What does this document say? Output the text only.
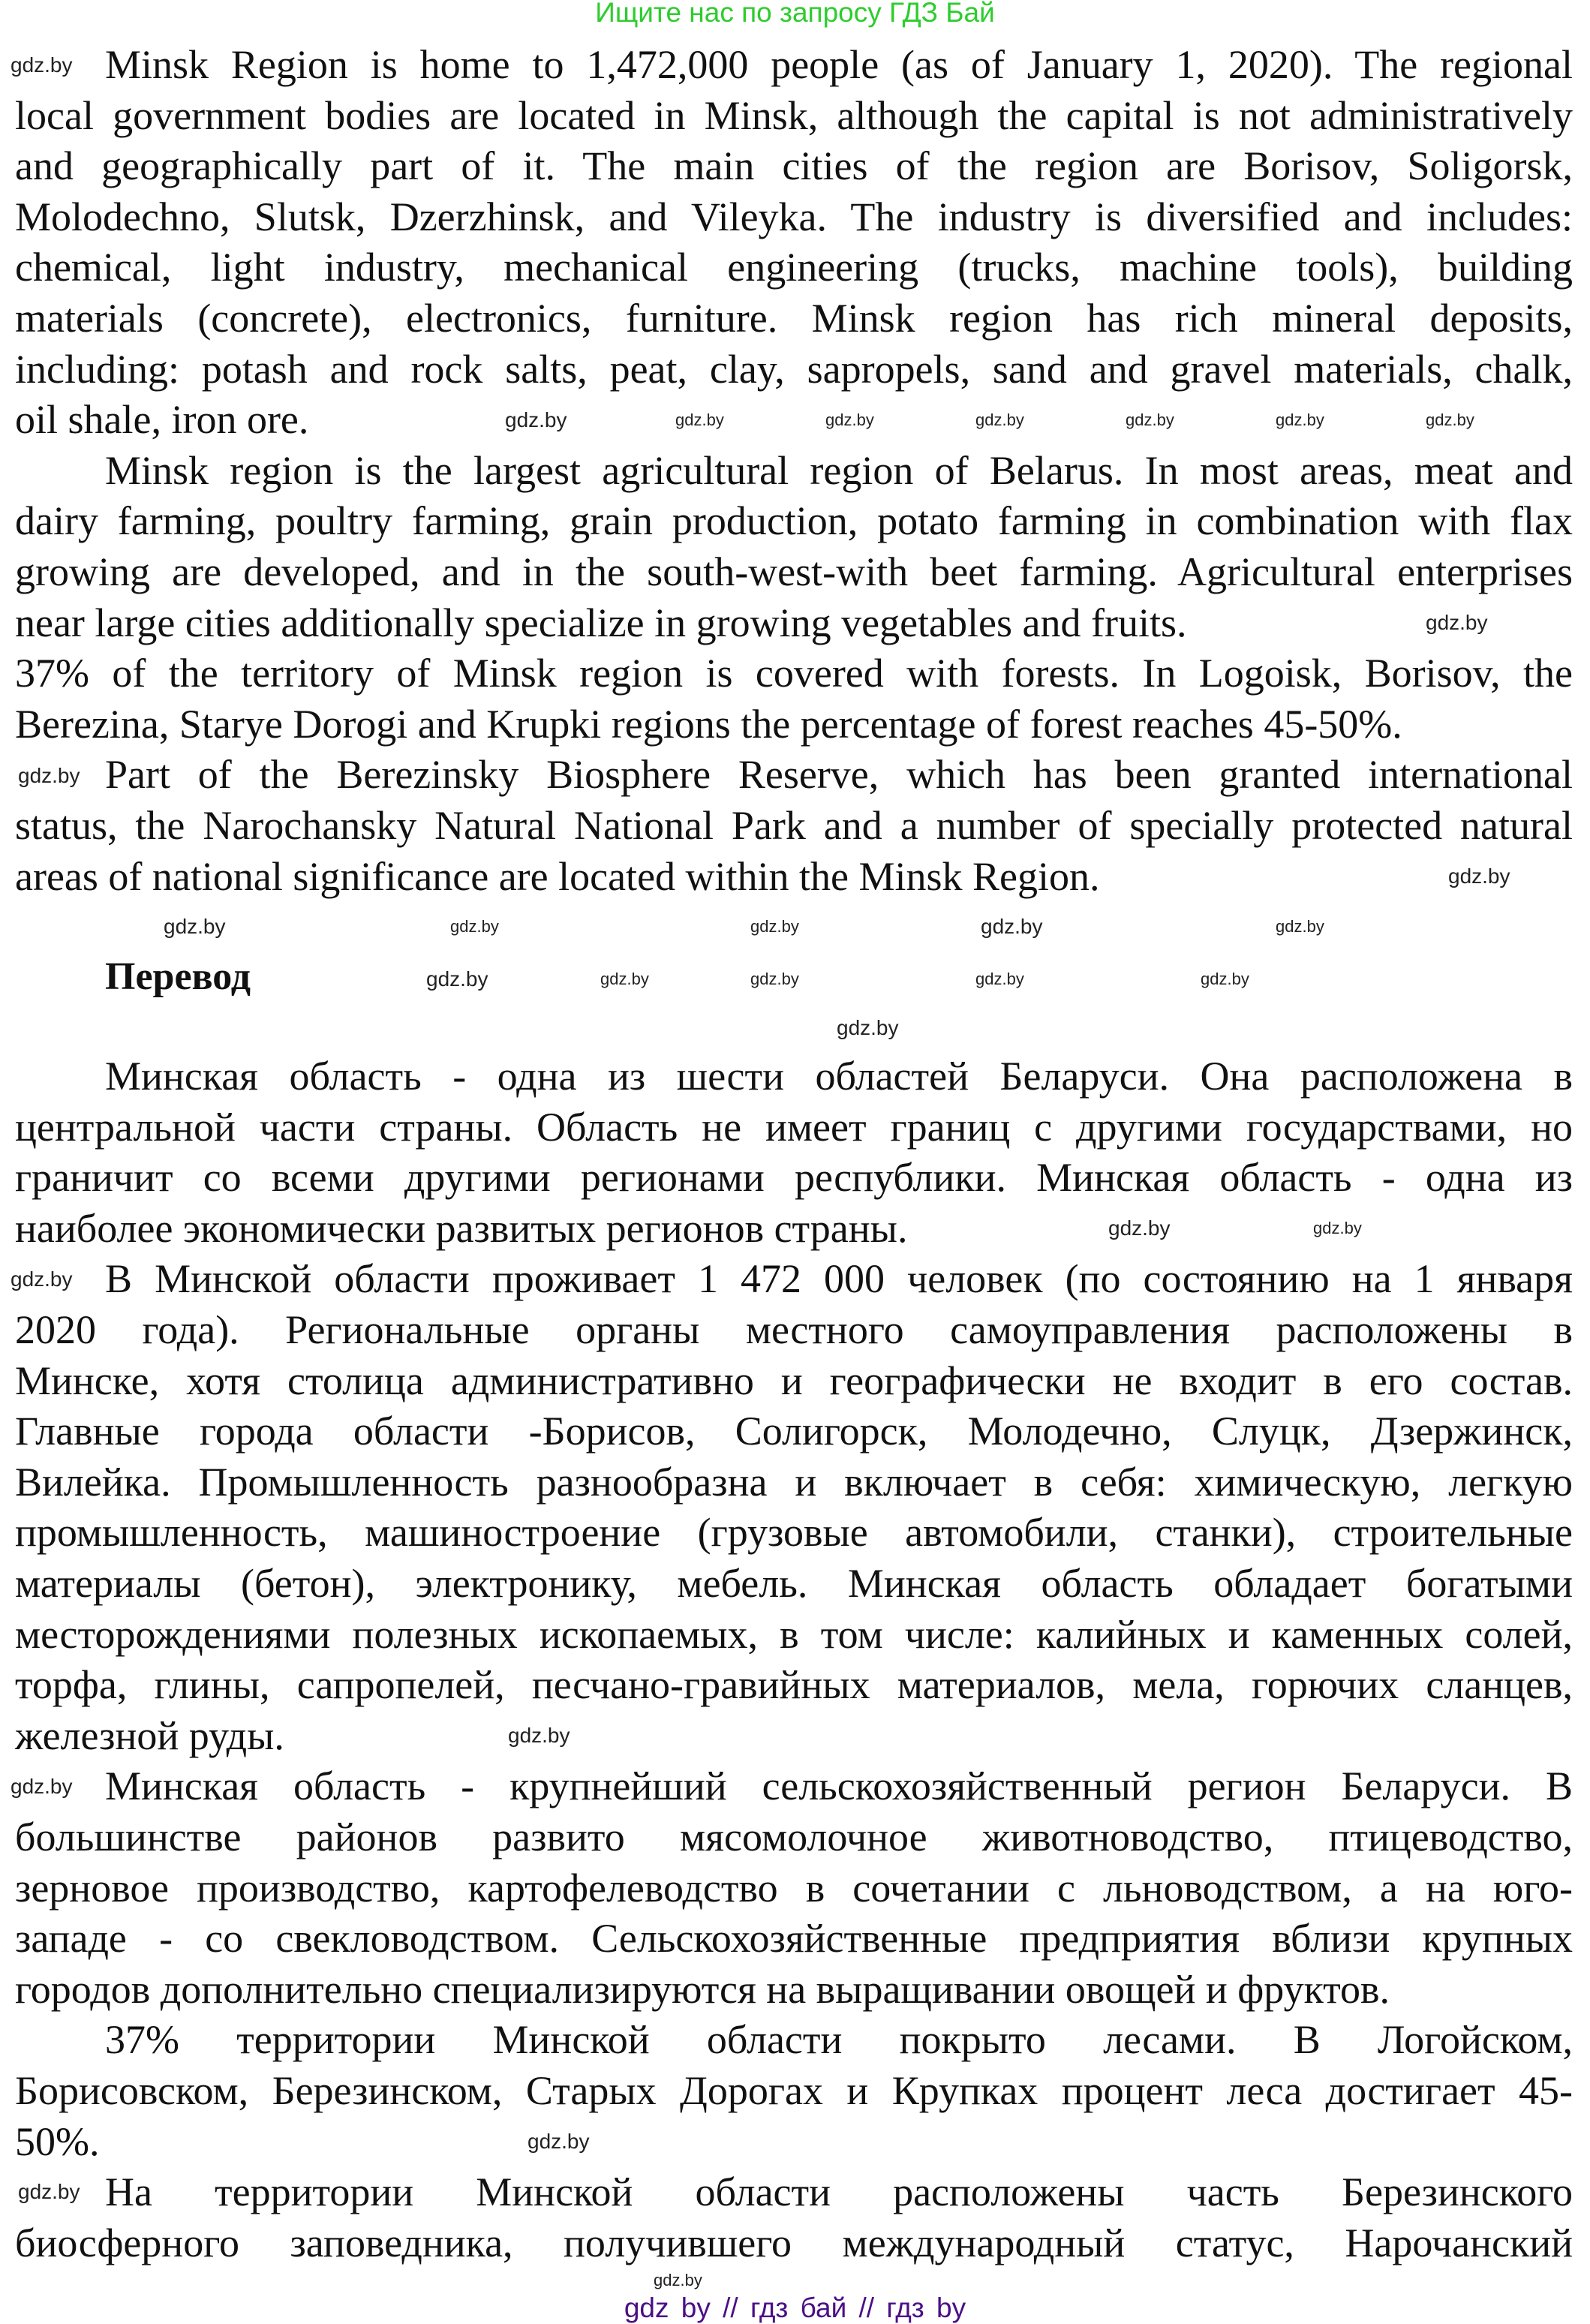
Ищите нас по запросу ГДЗ Бай
Minsk Region is home to 1,472,000 people (as of January 1, 2020). The regional
local government bodies are located in Minsk, although the capital is not administratively
and geographically part of it. The main cities of the region are Borisov, Soligorsk,
Molodechno, Slutsk, Dzerzhinsk, and Vileyka. The industry is diversified and includes:
chemical, light industry, mechanical engineering (trucks, machine tools), building
materials (concrete), electronics, furniture. Minsk region has rich mineral deposits,
including: potash and rock salts, peat, clay, sapropels, sand and gravel materials, chalk,
oil shale, iron ore.
Minsk region is the largest agricultural region of Belarus. In most areas, meat and
dairy farming, poultry farming, grain production, potato farming in combination with flax
growing are developed, and in the south-west-with beet farming. Agricultural enterprises
near large cities additionally specialize in growing vegetables and fruits.
37% of the territory of Minsk region is covered with forests. In Logoisk, Borisov, the
Berezina, Starye Dorogi and Krupki regions the percentage of forest reaches 45-50%.
Part of the Berezinsky Biosphere Reserve, which has been granted international
status, the Narochansky Natural National Park and a number of specially protected natural
areas of national significance are located within the Minsk Region.
Перевод
Минская область - одна из шести областей Беларуси. Она расположена в
центральной части страны. Область не имеет границ с другими государствами, но
граничит со всеми другими регионами республики. Минская область - одна из
наиболее экономически развитых регионов страны.
В Минской области проживает 1 472 000 человек (по состоянию на 1 января
2020 года). Региональные органы местного самоуправления расположены в
Минске, хотя столица административно и географически не входит в его состав.
Главные города области -Борисов, Солигорск, Молодечно, Слуцк, Дзержинск,
Вилейка. Промышленность разнообразна и включает в себя: химическую, легкую
промышленность, машиностроение (грузовые автомобили, станки), строительные
материалы (бетон), электронику, мебель. Минская область обладает богатыми
месторождениями полезных ископаемых, в том числе: калийных и каменных солей,
торфа, глины, сапропелей, песчано-гравийных материалов, мела, горючих сланцев,
железной руды.
Минская область - крупнейший сельскохозяйственный регион Беларуси. В
большинстве районов развито мясомолочное животноводство, птицеводство,
зерновое производство, картофелеводство в сочетании с льноводством, а на юго-
западе - со свекловодством. Сельскохозяйственные предприятия вблизи крупных
городов дополнительно специализируются на выращивании овощей и фруктов.
37% территории Минской области покрыто лесами. В Логойском,
Борисовском, Березинском, Старых Дорогах и Крупках процент леса достигает 45-
50%.
На территории Минской области расположены часть Березинского
биосферного заповедника, получившего международный статус, Нарочанский
gdz.by
gdz.by
gdz.by
gdz.by
gdz.by
gdz.by	gdz.by	gdz.by	gdz.by	gdz.by	gdz.by	gdz.by
gdz.by
gdz.by
gdz.by	gdz.by	gdz.by	gdz.by	gdz.by
gdz.by	gdz.by	gdz.by	gdz.by	gdz.by
gdz.by
gdz.by	gdz.by
gdz.by
gdz.by
gdz.by
gdz by // гдз бай // гдз by
